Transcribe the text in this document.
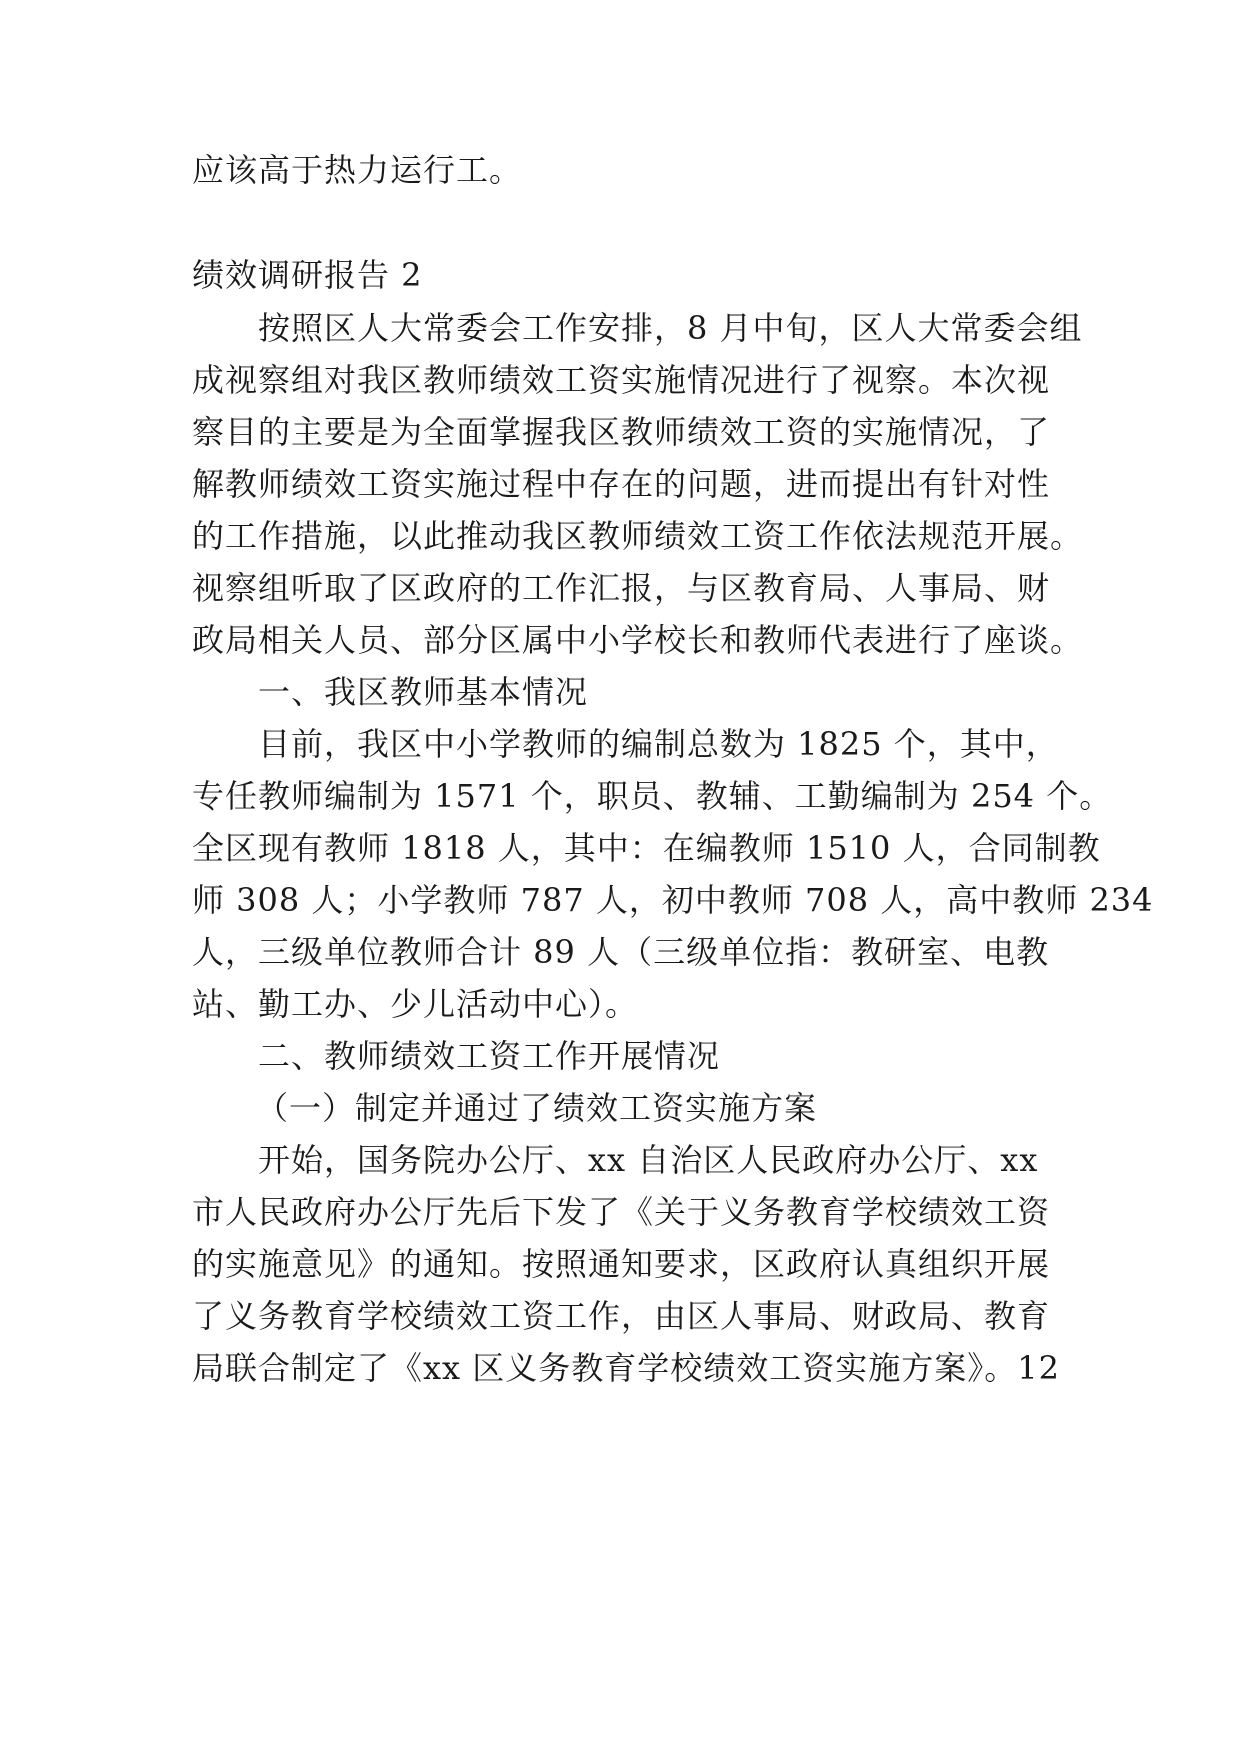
应该高于热力运行工。
绩效调研报告 2
按照区人大常委会工作安排，8 月中旬，区人大常委会组
成视察组对我区教师绩效工资实施情况进行了视察。本次视
察目的主要是为全面掌握我区教师绩效工资的实施情况，了
解教师绩效工资实施过程中存在的问题，进而提出有针对性
的工作措施，以此推动我区教师绩效工资工作依法规范开展。
视察组听取了区政府的工作汇报，与区教育局、人事局、财
政局相关人员、部分区属中小学校长和教师代表进行了座谈。
一、我区教师基本情况
目前，我区中小学教师的编制总数为 1825 个，其中，
专任教师编制为 1571 个，职员、教辅、工勤编制为 254 个。
全区现有教师 1818 人，其中：在编教师 1510 人，合同制教
师 308 人；小学教师 787 人，初中教师 708 人，高中教师 234
人，三级单位教师合计 89 人（三级单位指：教研室、电教
站、勤工办、少儿活动中心）。
二、教师绩效工资工作开展情况
（一）制定并通过了绩效工资实施方案
开始，国务院办公厅、xx 自治区人民政府办公厅、xx
市人民政府办公厅先后下发了《关于义务教育学校绩效工资
的实施意见》的通知。按照通知要求，区政府认真组织开展
了义务教育学校绩效工资工作，由区人事局、财政局、教育
局联合制定了《xx 区义务教育学校绩效工资实施方案》。12
